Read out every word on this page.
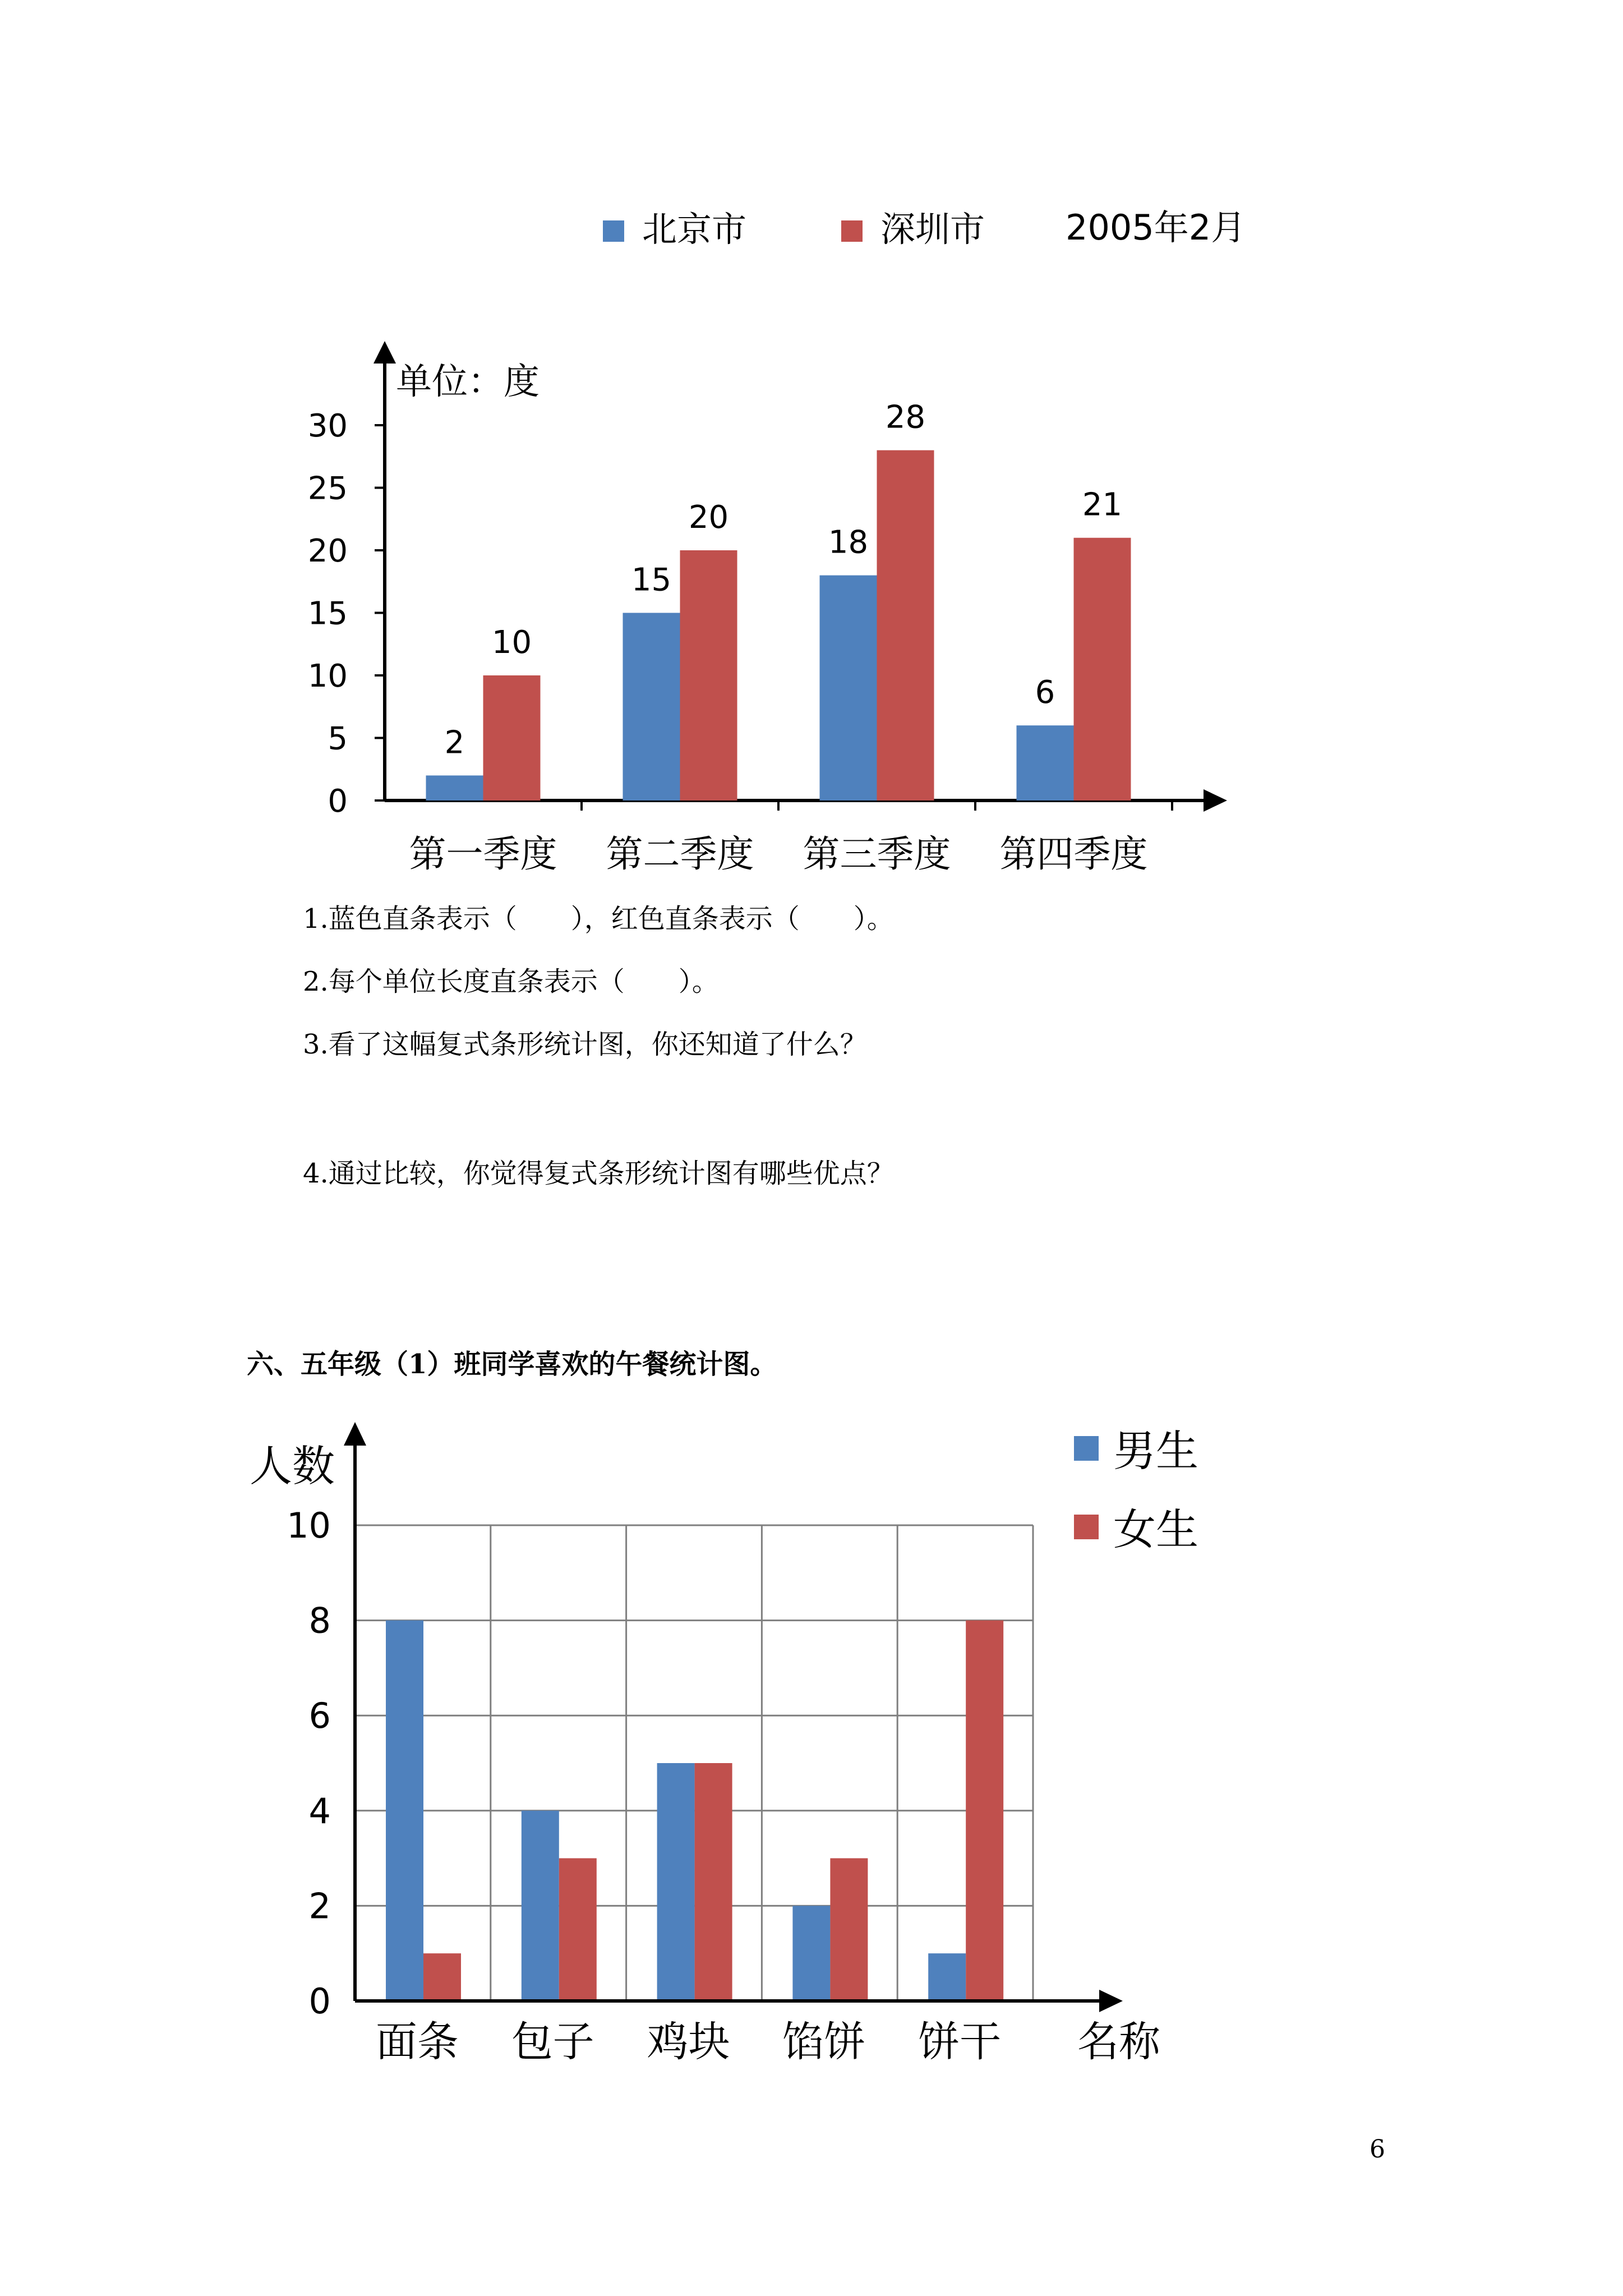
北京市	深圳市 2005年2月
单位：度
0
5
10
15
20
25
30
2
10
第一季度
15
20
第二季度
18
28
第三季度
6
21
第四季度
面条 包子 鸡块 馅饼 饼干
0
2
4
6
8
10
人数
名称
男生
女生
1.蓝色直条表示（　　），红色直条表示（　　）。
2.每个单位长度直条表示（　　）。
3.看了这幅复式条形统计图，你还知道了什么？
4.通过比较，你觉得复式条形统计图有哪些优点？
六、五年级（1）班同学喜欢的午餐统计图。
6
